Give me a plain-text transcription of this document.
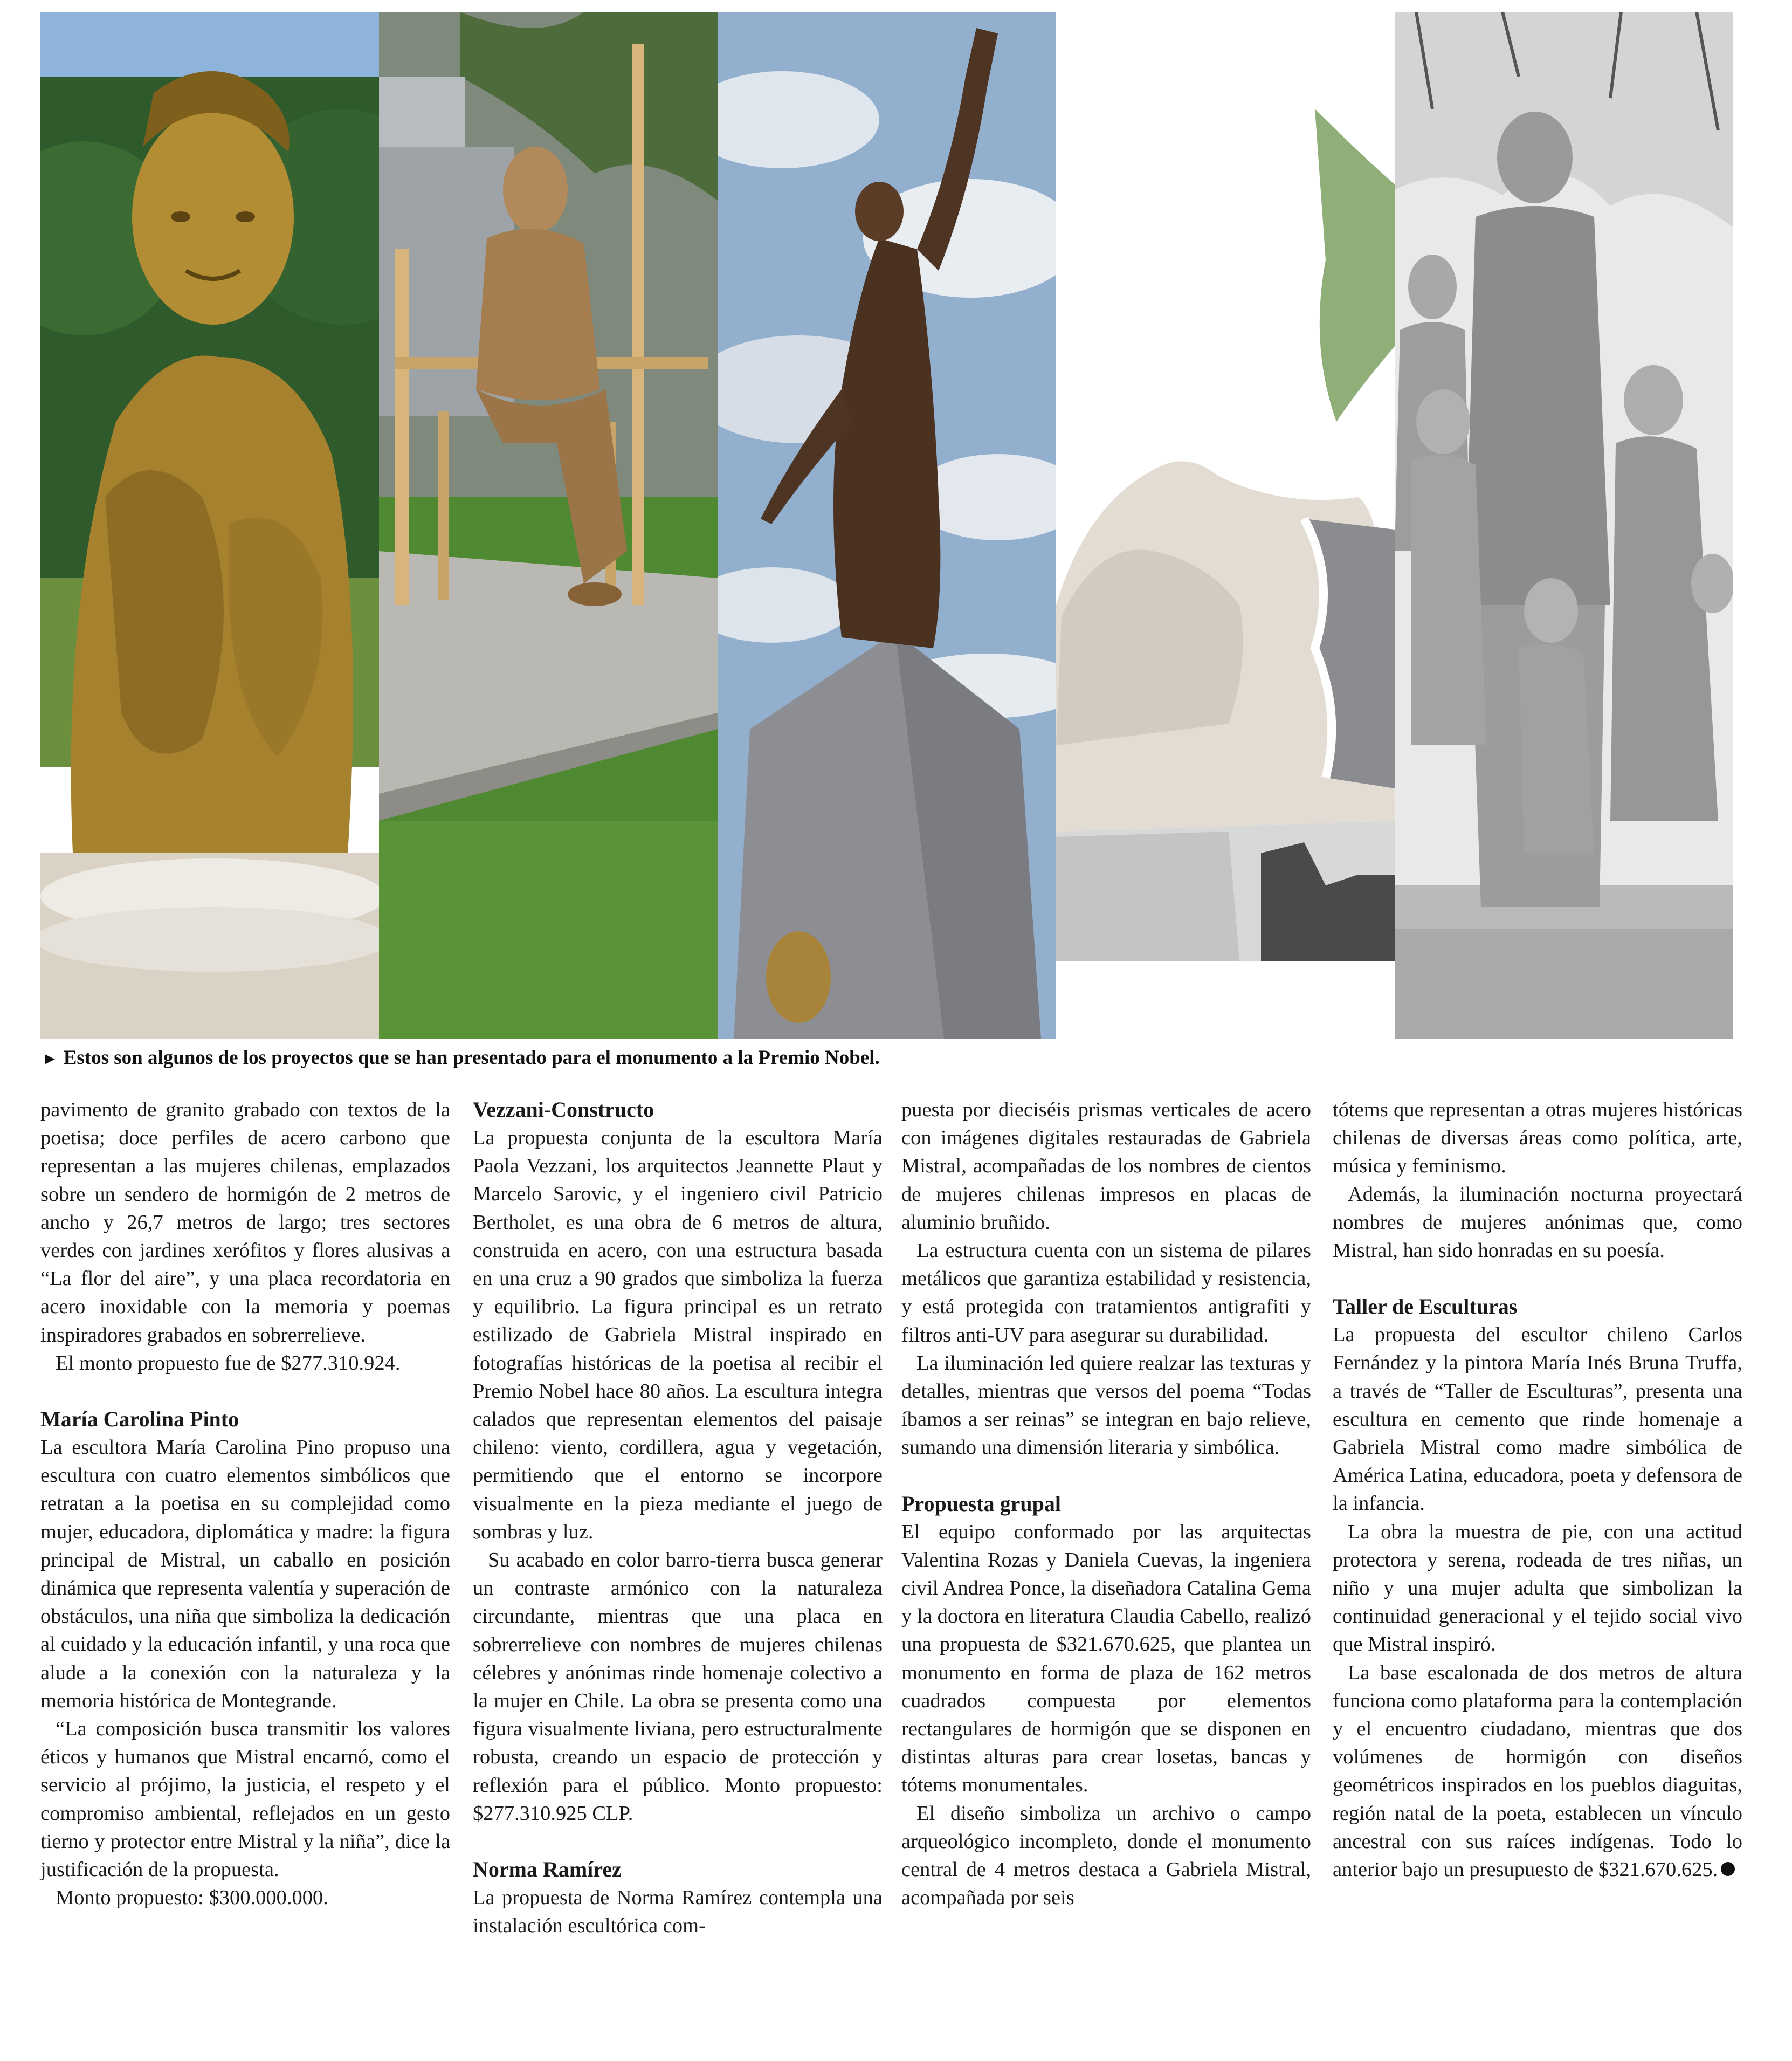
► Estos son algunos de los proyectos que se han presentado para el monumento a la Premio Nobel.

pavimento de granito grabado con textos de la poetisa; doce perfiles de acero carbono que representan a las mujeres chilenas, emplazados sobre un sendero de hormigón de 2 metros de ancho y 26,7 metros de largo; tres sectores verdes con jardines xerófitos y flores alusivas a “La flor del aire”, y una placa recordatoria en acero inoxidable con la memoria y poemas inspiradores grabados en sobrerrelieve.

El monto propuesto fue de $277.310.924.

María Carolina Pinto

La escultora María Carolina Pino propuso una escultura con cuatro elementos simbólicos que retratan a la poetisa en su complejidad como mujer, educadora, diplomática y madre: la figura principal de Mistral, un caballo en posición dinámica que representa valentía y superación de obstáculos, una niña que simboliza la dedicación al cuidado y la educación infantil, y una roca que alude a la conexión con la naturaleza y la memoria histórica de Montegrande.

“La composición busca transmitir los valores éticos y humanos que Mistral encarnó, como el servicio al prójimo, la justicia, el respeto y el compromiso ambiental, reflejados en un gesto tierno y protector entre Mistral y la niña”, dice la justificación de la propuesta.

Monto propuesto: $300.000.000.

Vezzani-Constructo

La propuesta conjunta de la escultora María Paola Vezzani, los arquitectos Jeannette Plaut y Marcelo Sarovic, y el ingeniero civil Patricio Bertholet, es una obra de 6 metros de altura, construida en acero, con una estructura basada en una cruz a 90 grados que simboliza la fuerza y equilibrio. La figura principal es un retrato estilizado de Gabriela Mistral inspirado en fotografías históricas de la poetisa al recibir el Premio Nobel hace 80 años. La escultura integra calados que representan elementos del paisaje chileno: viento, cordillera, agua y vegetación, permitiendo que el entorno se incorpore visualmente en la pieza mediante el juego de sombras y luz.

Su acabado en color barro-tierra busca generar un contraste armónico con la naturaleza circundante, mientras que una placa en sobrerrelieve con nombres de mujeres chilenas célebres y anónimas rinde homenaje colectivo a la mujer en Chile. La obra se presenta como una figura visualmente liviana, pero estructuralmente robusta, creando un espacio de protección y reflexión para el público. Monto propuesto: $277.310.925 CLP.

Norma Ramírez

La propuesta de Norma Ramírez contempla una instalación escultórica com-

puesta por dieciséis prismas verticales de acero con imágenes digitales restauradas de Gabriela Mistral, acompañadas de los nombres de cientos de mujeres chilenas impresos en placas de aluminio bruñido.

La estructura cuenta con un sistema de pilares metálicos que garantiza estabilidad y resistencia, y está protegida con tratamientos antigrafiti y filtros anti-UV para asegurar su durabilidad.

La iluminación led quiere realzar las texturas y detalles, mientras que versos del poema “Todas íbamos a ser reinas” se integran en bajo relieve, sumando una dimensión literaria y simbólica.

Propuesta grupal

El equipo conformado por las arquitectas Valentina Rozas y Daniela Cuevas, la ingeniera civil Andrea Ponce, la diseñadora Catalina Gema y la doctora en literatura Claudia Cabello, realizó una propuesta de $321.670.625, que plantea un monumento en forma de plaza de 162 metros cuadrados compuesta por elementos rectangulares de hormigón que se disponen en distintas alturas para crear losetas, bancas y tótems monumentales.

El diseño simboliza un archivo o campo arqueológico incompleto, donde el monumento central de 4 metros destaca a Gabriela Mistral, acompañada por seis

tótems que representan a otras mujeres históricas chilenas de diversas áreas como política, arte, música y feminismo.

Además, la iluminación nocturna proyectará nombres de mujeres anónimas que, como Mistral, han sido honradas en su poesía.

Taller de Esculturas

La propuesta del escultor chileno Carlos Fernández y la pintora María Inés Bruna Truffa, a través de “Taller de Esculturas”, presenta una escultura en cemento que rinde homenaje a Gabriela Mistral como madre simbólica de América Latina, educadora, poeta y defensora de la infancia.

La obra la muestra de pie, con una actitud protectora y serena, rodeada de tres niñas, un niño y una mujer adulta que simbolizan la continuidad generacional y el tejido social vivo que Mistral inspiró.

La base escalonada de dos metros de altura funciona como plataforma para la contemplación y el encuentro ciudadano, mientras que dos volúmenes de hormigón con diseños geométricos inspirados en los pueblos diaguitas, región natal de la poeta, establecen un vínculo ancestral con sus raíces indígenas. Todo lo anterior bajo un presupuesto de $321.670.625.
